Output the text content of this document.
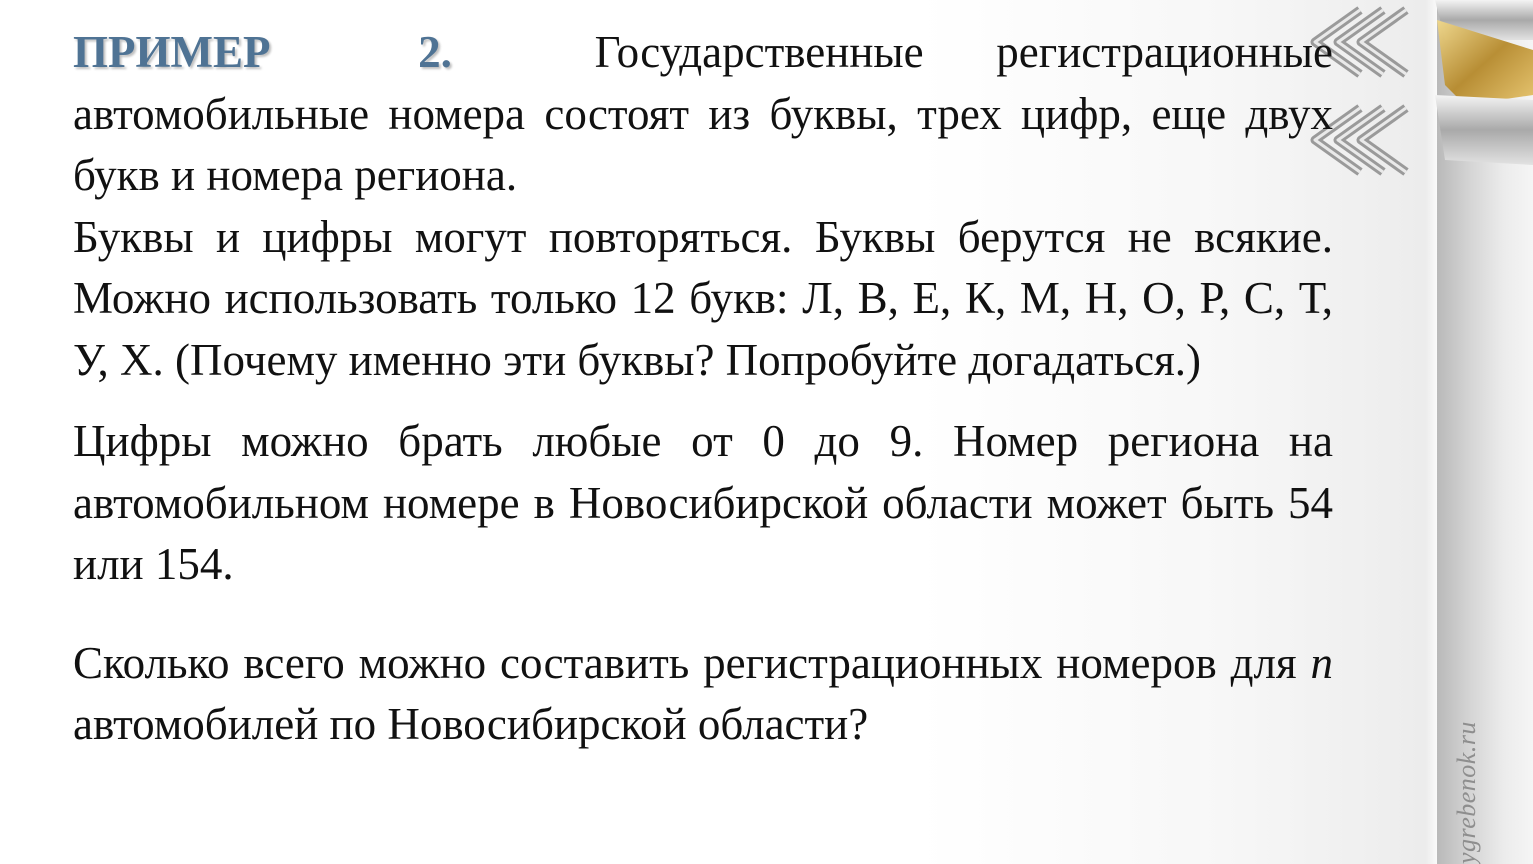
ПРИМЕР 2.	Государственные регистрационные автомобильные номера состоят из буквы, трех цифр, еще двух букв и номера региона.

Буквы и цифры могут повторяться. Буквы берутся не всякие. Можно использовать только 12 букв: Л, В, Е, К, М, Н, О, Р, С, Т, У, Х. (Почему именно эти буквы? Попробуйте догадаться.)

Цифры можно брать любые от 0 до 9. Номер региона на автомобильном номере в Новосибирской области может быть 54 или 154.

Сколько всего можно составить регистрационных номеров для n автомобилей по Новосибирской области?	ygrebenok.ru
